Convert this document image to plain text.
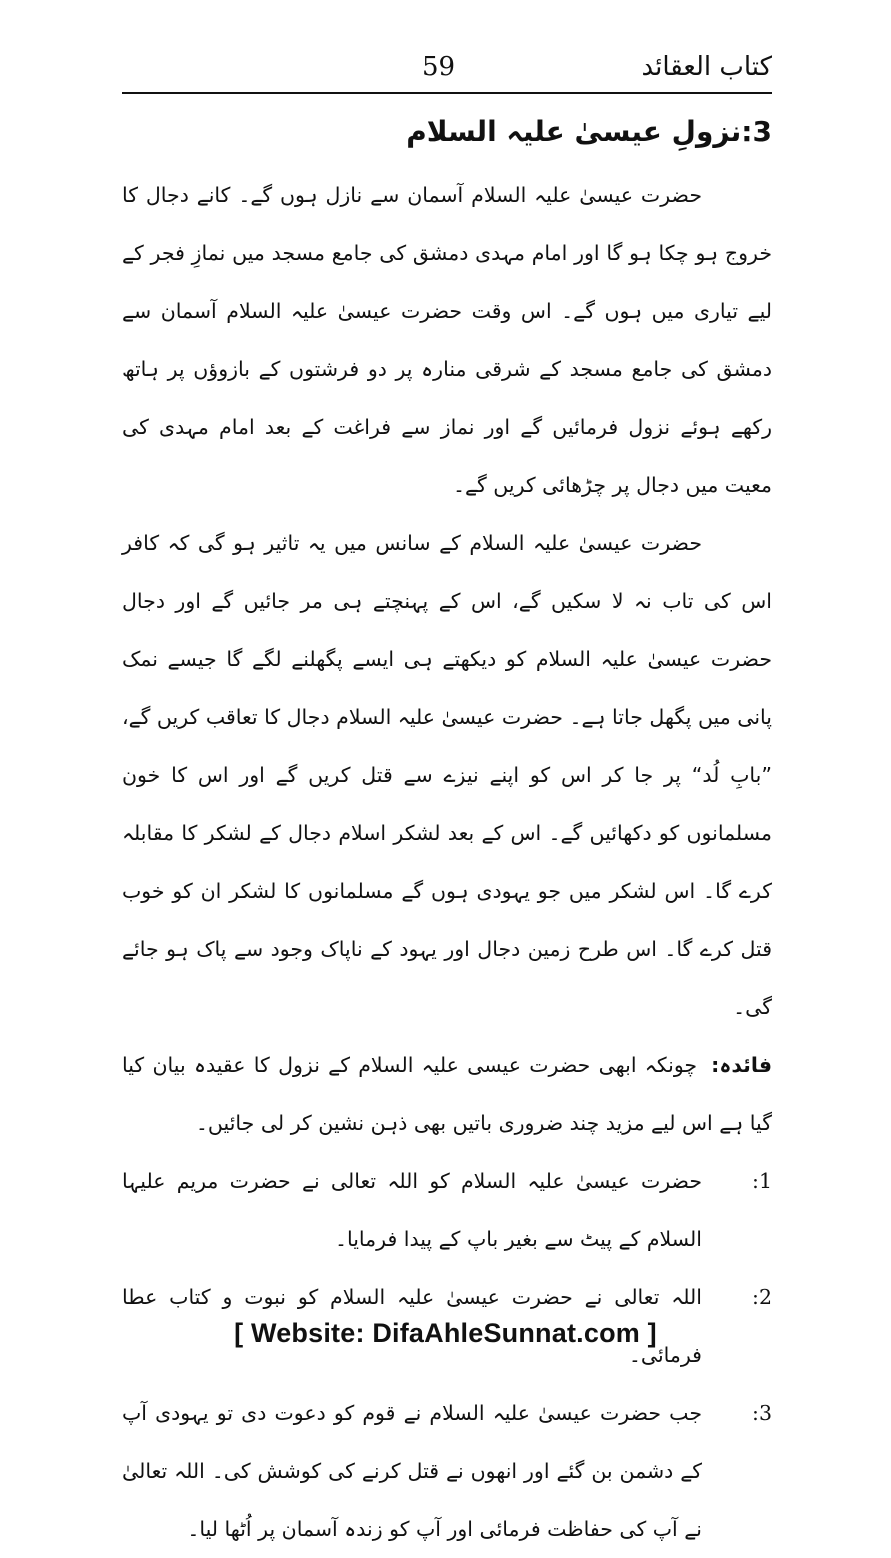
کتاب العقائد
59
3:نزولِ عیسیٰ علیہ السلام

حضرت عیسیٰ علیہ السلام آسمان سے نازل ہوں گے۔ کانے دجال کا خروج ہو چکا ہو گا اور امام مہدی دمشق کی جامع مسجد میں نمازِ فجر کے لیے تیاری میں ہوں گے۔ اس وقت حضرت عیسیٰ علیہ السلام آسمان سے دمشق کی جامع مسجد کے شرقی منارہ پر دو فرشتوں کے بازوؤں پر ہاتھ رکھے ہوئے نزول فرمائیں گے اور نماز سے فراغت کے بعد امام مہدی کی معیت میں دجال پر چڑھائی کریں گے۔

حضرت عیسیٰ علیہ السلام کے سانس میں یہ تاثیر ہو گی کہ کافر اس کی تاب نہ لا سکیں گے، اس کے پہنچتے ہی مر جائیں گے اور دجال حضرت عیسیٰ علیہ السلام کو دیکھتے ہی ایسے پگھلنے لگے گا جیسے نمک پانی میں پگھل جاتا ہے۔ حضرت عیسیٰ علیہ السلام دجال کا تعاقب کریں گے، ”بابِ لُد“ پر جا کر اس کو اپنے نیزے سے قتل کریں گے اور اس کا خون مسلمانوں کو دکھائیں گے۔ اس کے بعد لشکر اسلام دجال کے لشکر کا مقابلہ کرے گا۔ اس لشکر میں جو یہودی ہوں گے مسلمانوں کا لشکر ان کو خوب قتل کرے گا۔ اس طرح زمین دجال اور یہود کے ناپاک وجود سے پاک ہو جائے گی۔

فائدہ:چونکہ ابھی حضرت عیسی علیہ السلام کے نزول کا عقیدہ بیان کیا گیا ہے اس لیے مزید چند ضروری باتیں بھی ذہن نشین کر لی جائیں۔

1:
حضرت عیسیٰ علیہ السلام کو اللہ تعالی نے حضرت مریم علیہا السلام کے پیٹ سے بغیر باپ کے پیدا فرمایا۔
2:
اللہ تعالی نے حضرت عیسیٰ علیہ السلام کو نبوت و کتاب عطا فرمائی۔
3:
جب حضرت عیسیٰ علیہ السلام نے قوم کو دعوت دی تو یہودی آپ کے دشمن بن گئے اور انھوں نے قتل کرنے کی کوشش کی۔ اللہ تعالیٰ نے آپ کی حفاظت فرمائی اور آپ کو زندہ آسمان پر اُٹھا لیا۔
[ Website: DifaAhleSunnat.com ]
